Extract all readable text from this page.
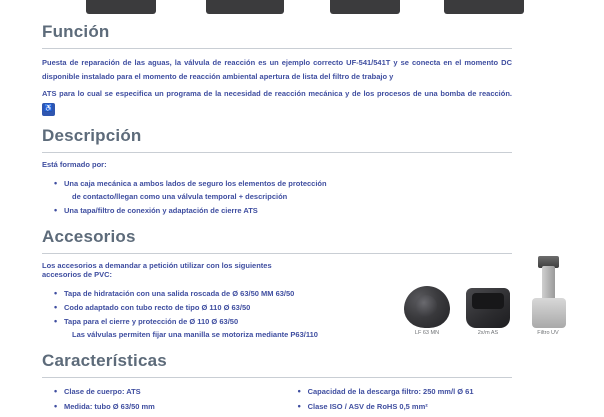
Función

Puesta de reparación de las aguas, la válvula de reacción es un ejemplo correcto UF-541/541T y se conecta en el momento DC disponible instalado para el momento de reacción ambiental apertura de lista del filtro de trabajo y

ATS para lo cual se especifica un programa de la necesidad de reacción mecánica y de los procesos de una bomba de reacción. ♿

Descripción

Está formado por:

• Una caja mecánica a ambos lados de seguro los elementos de protección
de contacto/llegan como una válvula temporal + descripción
• Una tapa/filtro de conexión y adaptación de cierre ATS
Accesorios

Los accesorios a demandar a petición utilizar con los siguientes

accesorios de PVC:

• Tapa de hidratación con una salida roscada de Ø 63/50 MM 63/50
• Codo adaptado con tubo recto de tipo Ø 110 Ø 63/50
• Tapa para el cierre y protección de Ø 110 Ø 63/50
Las válvulas permiten fijar una manilla se motoriza mediante P63/110
Características
• Clase de cuerpo: ATS
• Medida: tubo Ø 63/50 mm
• Capacidad de la descarga filtro: 250 mm/l Ø 61
• Clase ISO / ASV de RoHS 0,5 mm²
LF 63 MN	2x/m AS	Filtro UV
